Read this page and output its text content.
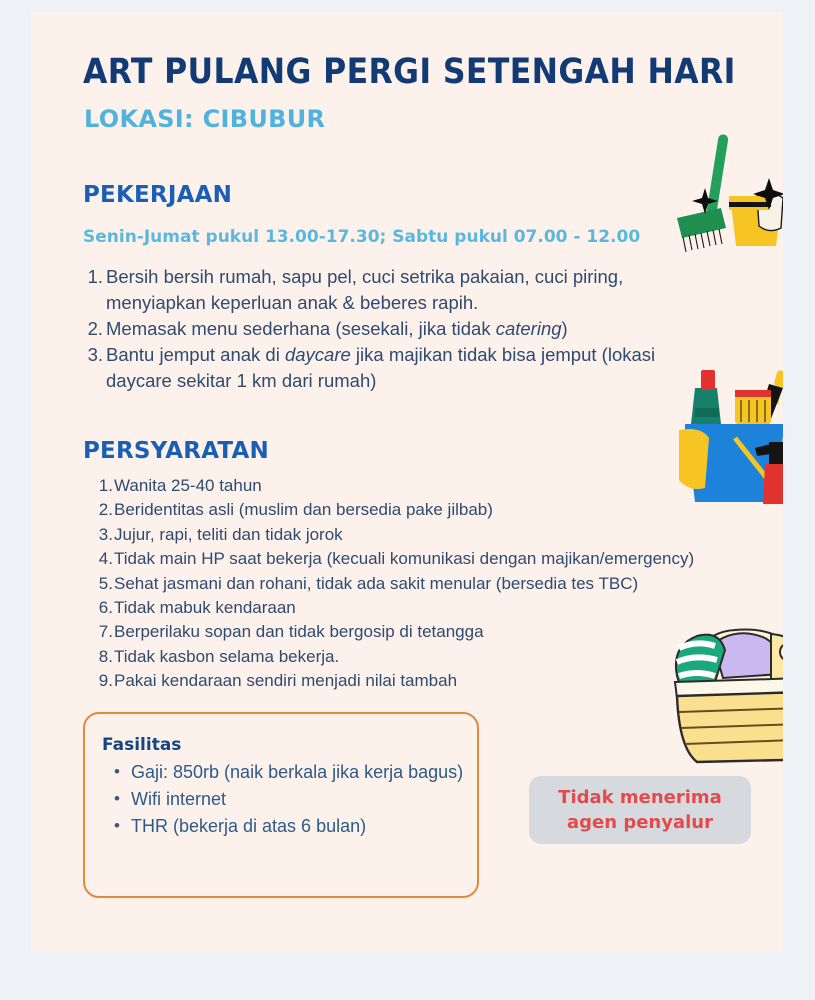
ART PULANG PERGI SETENGAH HARI
LOKASI: CIBUBUR
PEKERJAAN
Senin-Jumat pukul 13.00-17.30; Sabtu pukul 07.00 - 12.00
1 . Bersih bersih rumah, sapu pel, cuci setrika pakaian, cuci piring, menyiapkan keperluan anak & beberes rapih.
2 . Memasak menu sederhana (sesekali, jika tidak catering)
3 . Bantu jemput anak di daycare jika majikan tidak bisa jemput (lokasi daycare sekitar 1 km dari rumah)
PERSYARATAN
1 . Wanita 25-40 tahun
2 . Beridentitas asli (muslim dan bersedia pake jilbab)
3 . Jujur, rapi, teliti dan tidak jorok
4 . Tidak main HP saat bekerja (kecuali komunikasi dengan majikan/emergency)
5 . Sehat jasmani dan rohani, tidak ada sakit menular (bersedia tes TBC)
6 . Tidak mabuk kendaraan
7 . Berperilaku sopan dan tidak bergosip di tetangga
8 . Tidak kasbon selama bekerja.
9 . Pakai kendaraan sendiri menjadi nilai tambah
Fasilitas
• Gaji: 850rb (naik berkala jika kerja bagus)
• Wifi internet
• THR (bekerja di atas 6 bulan)
Tidak menerima
agen penyalur
